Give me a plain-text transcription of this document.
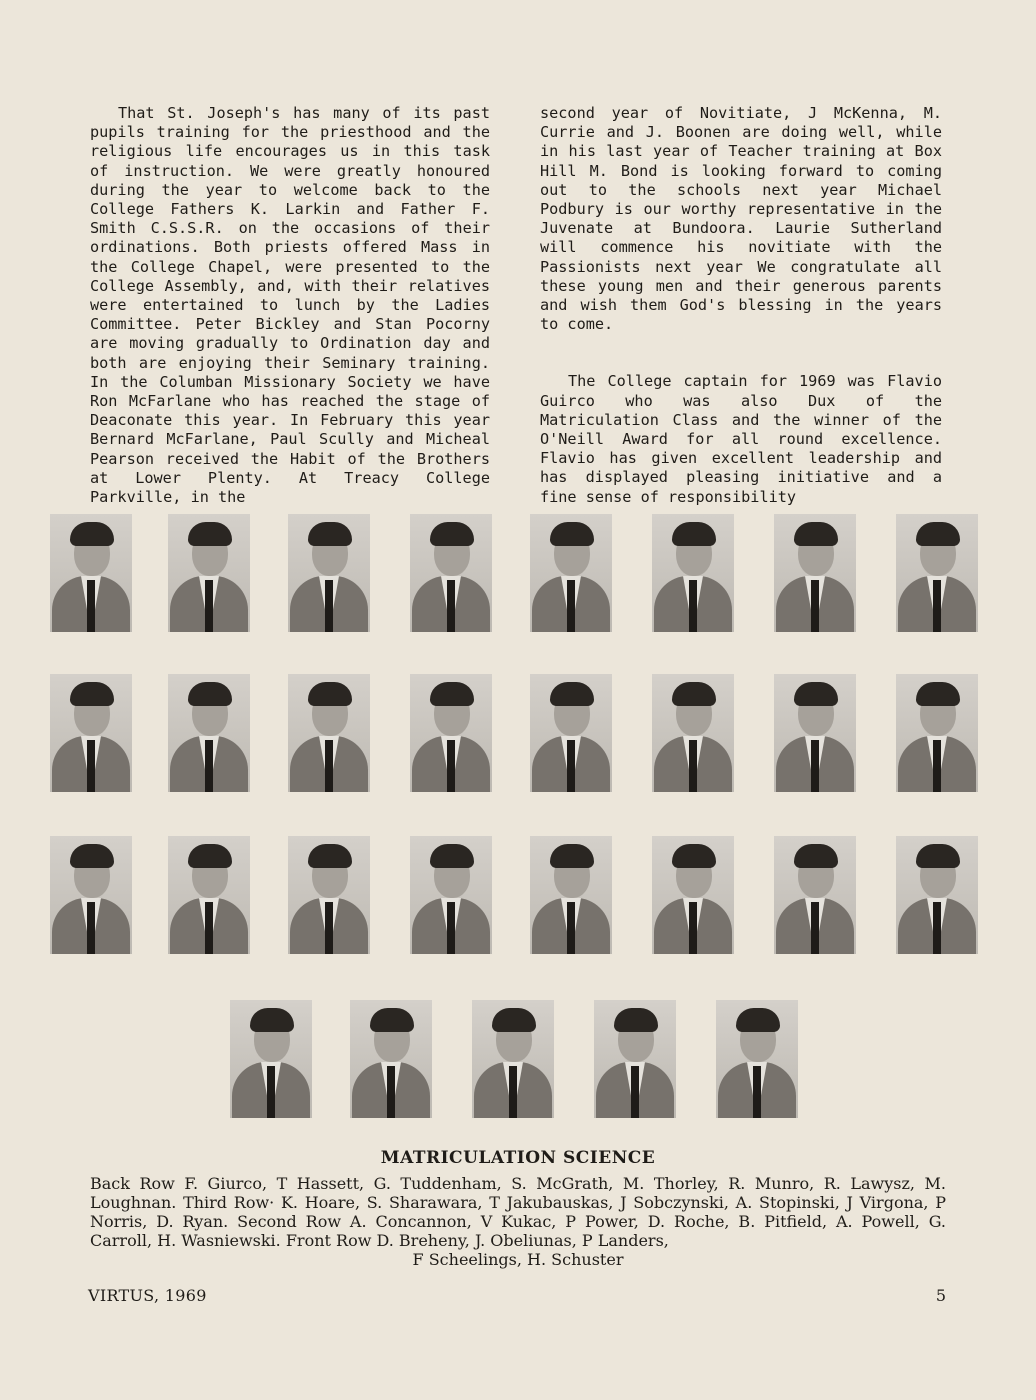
That St. Joseph's has many of its past pupils training for the priesthood and the religious life encourages us in this task of instruction. We were greatly honoured during the year to welcome back to the College Fathers K. Larkin and Father F. Smith C.S.S.R. on the occasions of their ordinations. Both priests offered Mass in the College Chapel, were presented to the College Assembly, and, with their relatives were entertained to lunch by the Ladies Committee. Peter Bickley and Stan Pocorny are moving gradually to Ordination day and both are enjoying their Seminary training. In the Columban Missionary Society we have Ron McFarlane who has reached the stage of Deaconate this year. In February this year Bernard McFarlane, Paul Scully and Micheal Pearson received the Habit of the Brothers at Lower Plenty. At Treacy College Parkville, in the

second year of Novitiate, J McKenna, M. Currie and J. Boonen are doing well, while in his last year of Teacher training at Box Hill M. Bond is looking forward to coming out to the schools next year Michael Podbury is our worthy representative in the Juvenate at Bundoora. Laurie Sutherland will commence his novitiate with the Passionists next year We congratulate all these young men and their generous parents and wish them God's blessing in the years to come.

The College captain for 1969 was Flavio Guirco who was also Dux of the Matriculation Class and the winner of the O'Neill Award for all round excellence. Flavio has given excellent leadership and has displayed pleasing initiative and a fine sense of responsibility

MATRICULATION SCIENCE
Back Row F. Giurco, T Hassett, G. Tuddenham, S. McGrath, M. Thorley, R. Munro, R. Lawysz, M. Loughnan. Third Row· K. Hoare, S. Sharawara, T Jakubauskas, J Sobczynski, A. Stopinski, J Virgona, P Norris, D. Ryan. Second Row A. Concannon, V Kukac, P Power, D. Roche, B. Pitfield, A. Powell, G. Carroll, H. Wasniewski. Front Row D. Breheny, J. Obeliunas, P Landers,
F Scheelings, H. Schuster
VIRTUS, 1969	5
